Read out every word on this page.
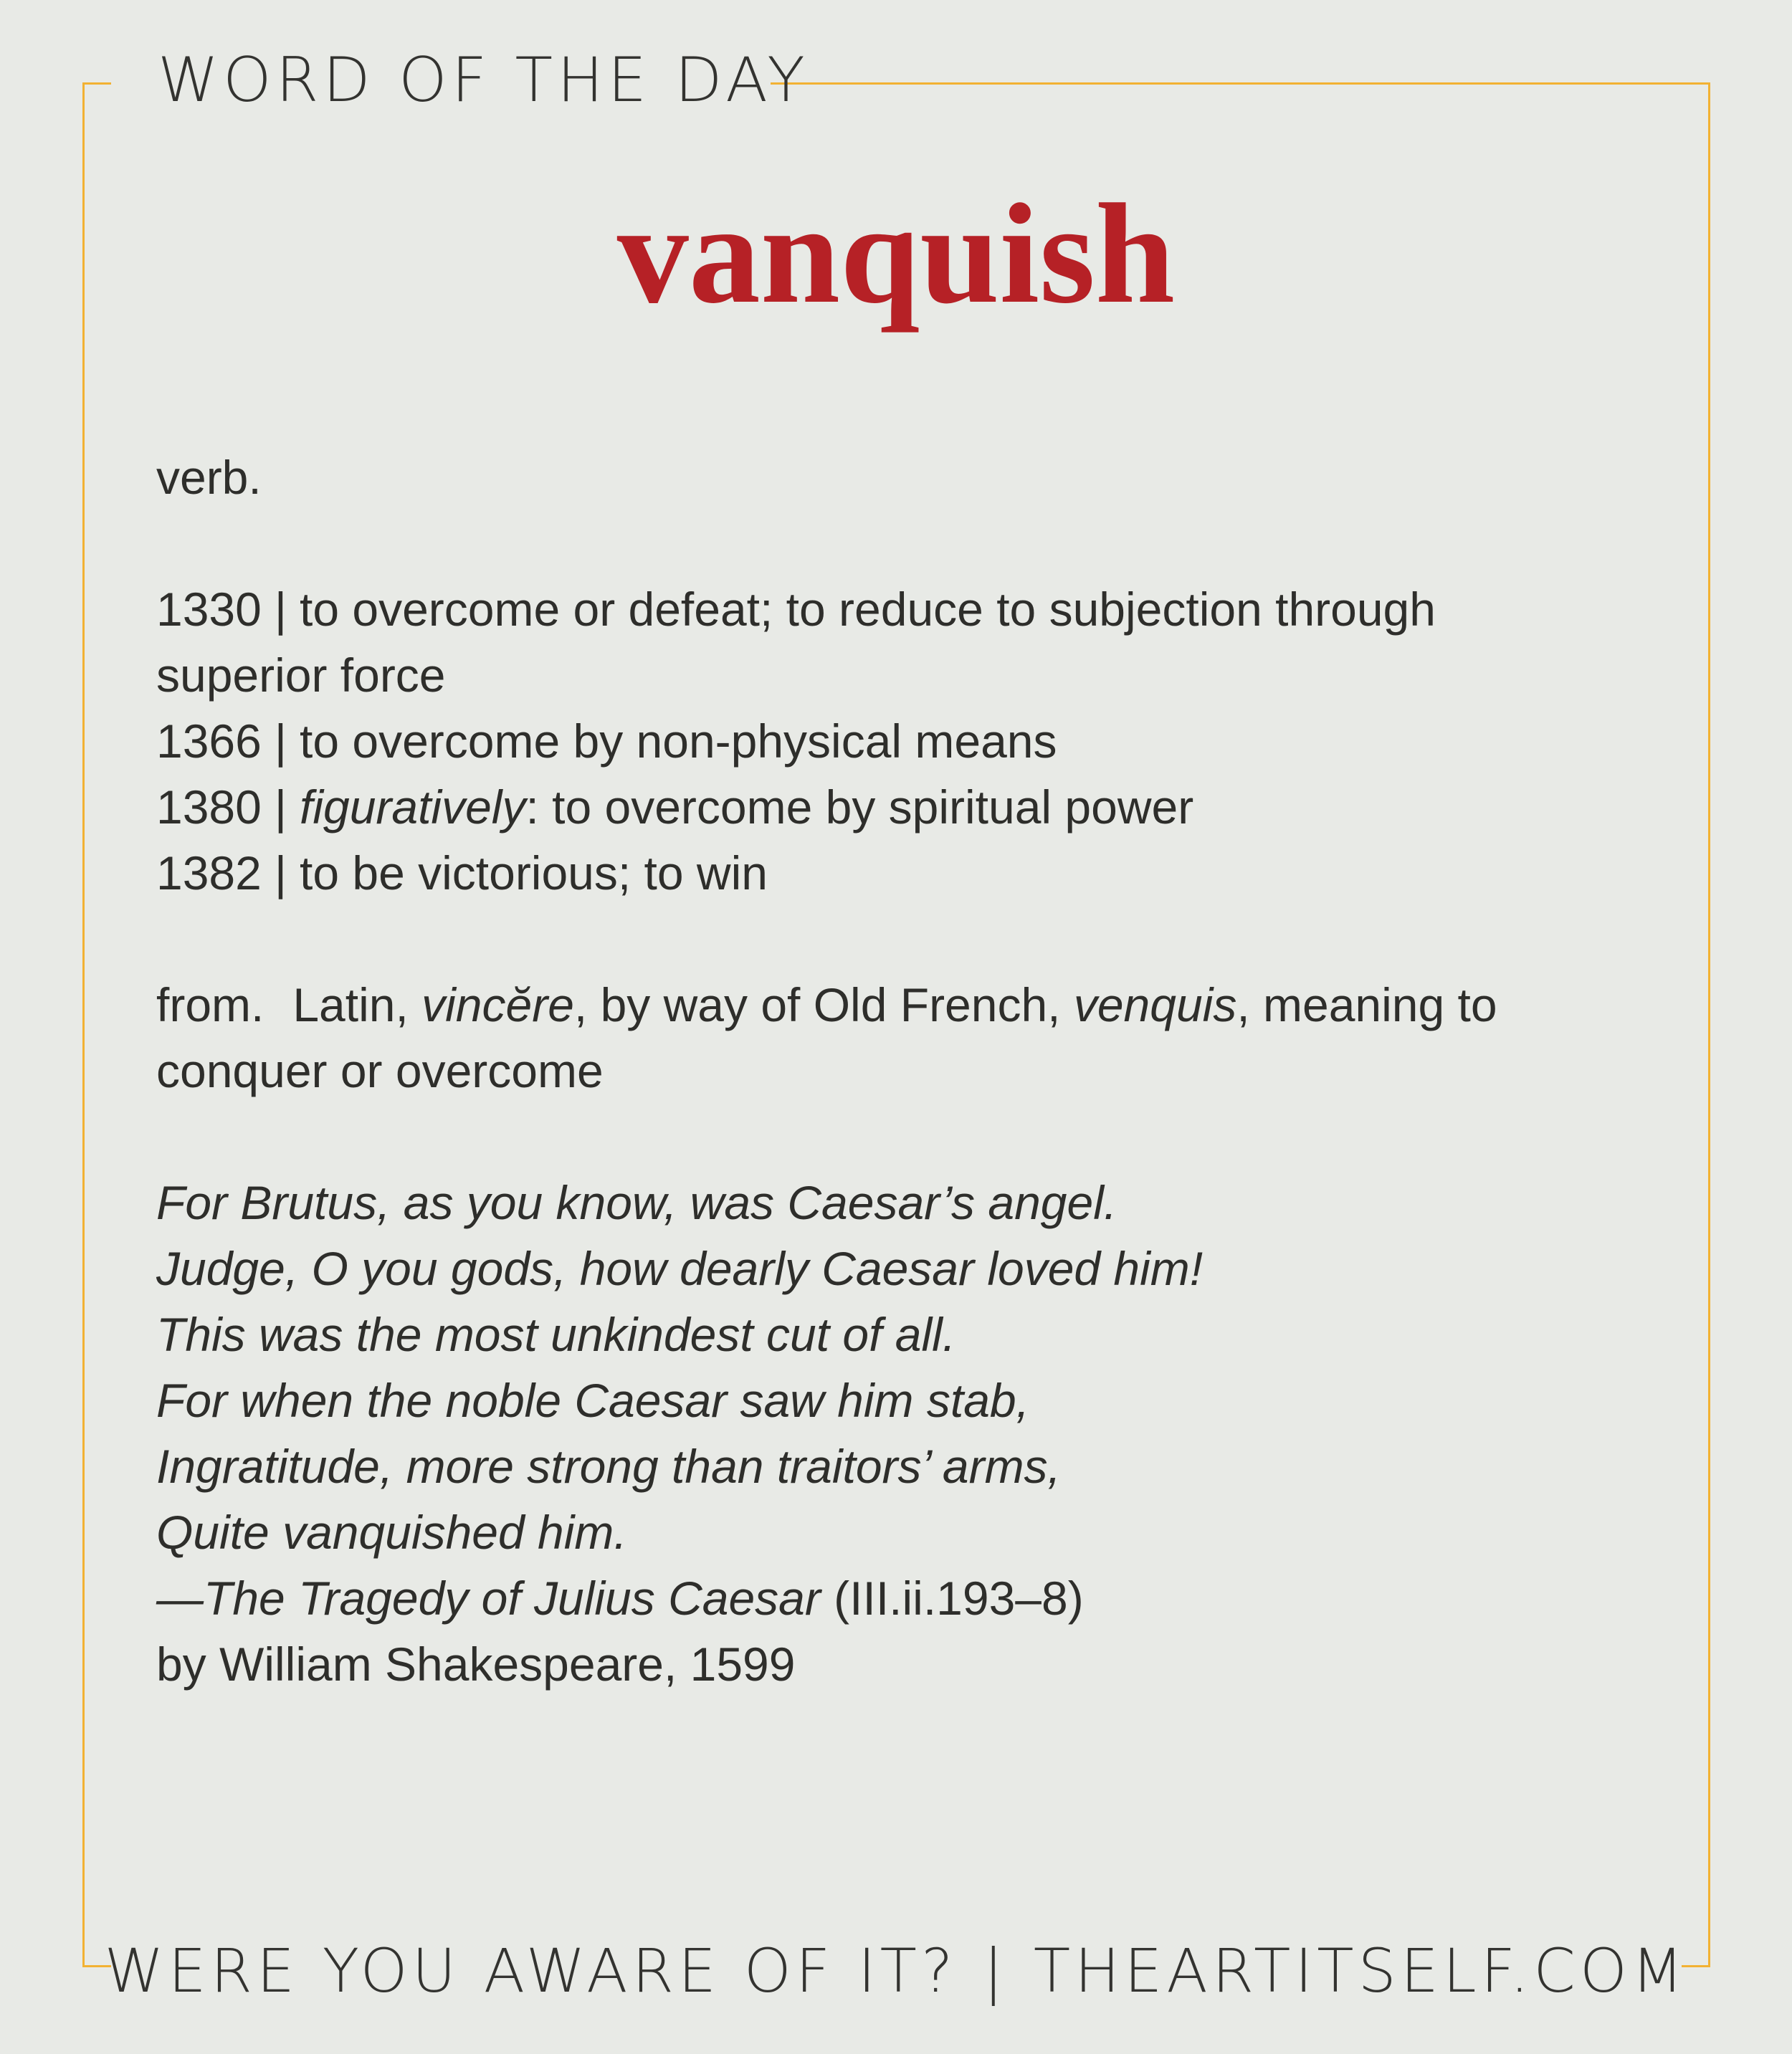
WORD OF THE DAY
vanquish

verb.

1330 | to overcome or defeat; to reduce to subjection through

superior force

1366 | to overcome by non-physical means

1380 | figuratively: to overcome by spiritual power

1382 | to be victorious; to win

from. Latin, vincĕre, by way of Old French, venquis, meaning to

conquer or overcome

For Brutus, as you know, was Caesar’s angel.

Judge, O you gods, how dearly Caesar loved him!

This was the most unkindest cut of all.

For when the noble Caesar saw him stab,

Ingratitude, more strong than traitors’ arms,

Quite vanquished him.

—The Tragedy of Julius Caesar (III.ii.193–8)

by William Shakespeare, 1599

WERE YOU AWARE OF IT? | THEARTITSELF.COM
